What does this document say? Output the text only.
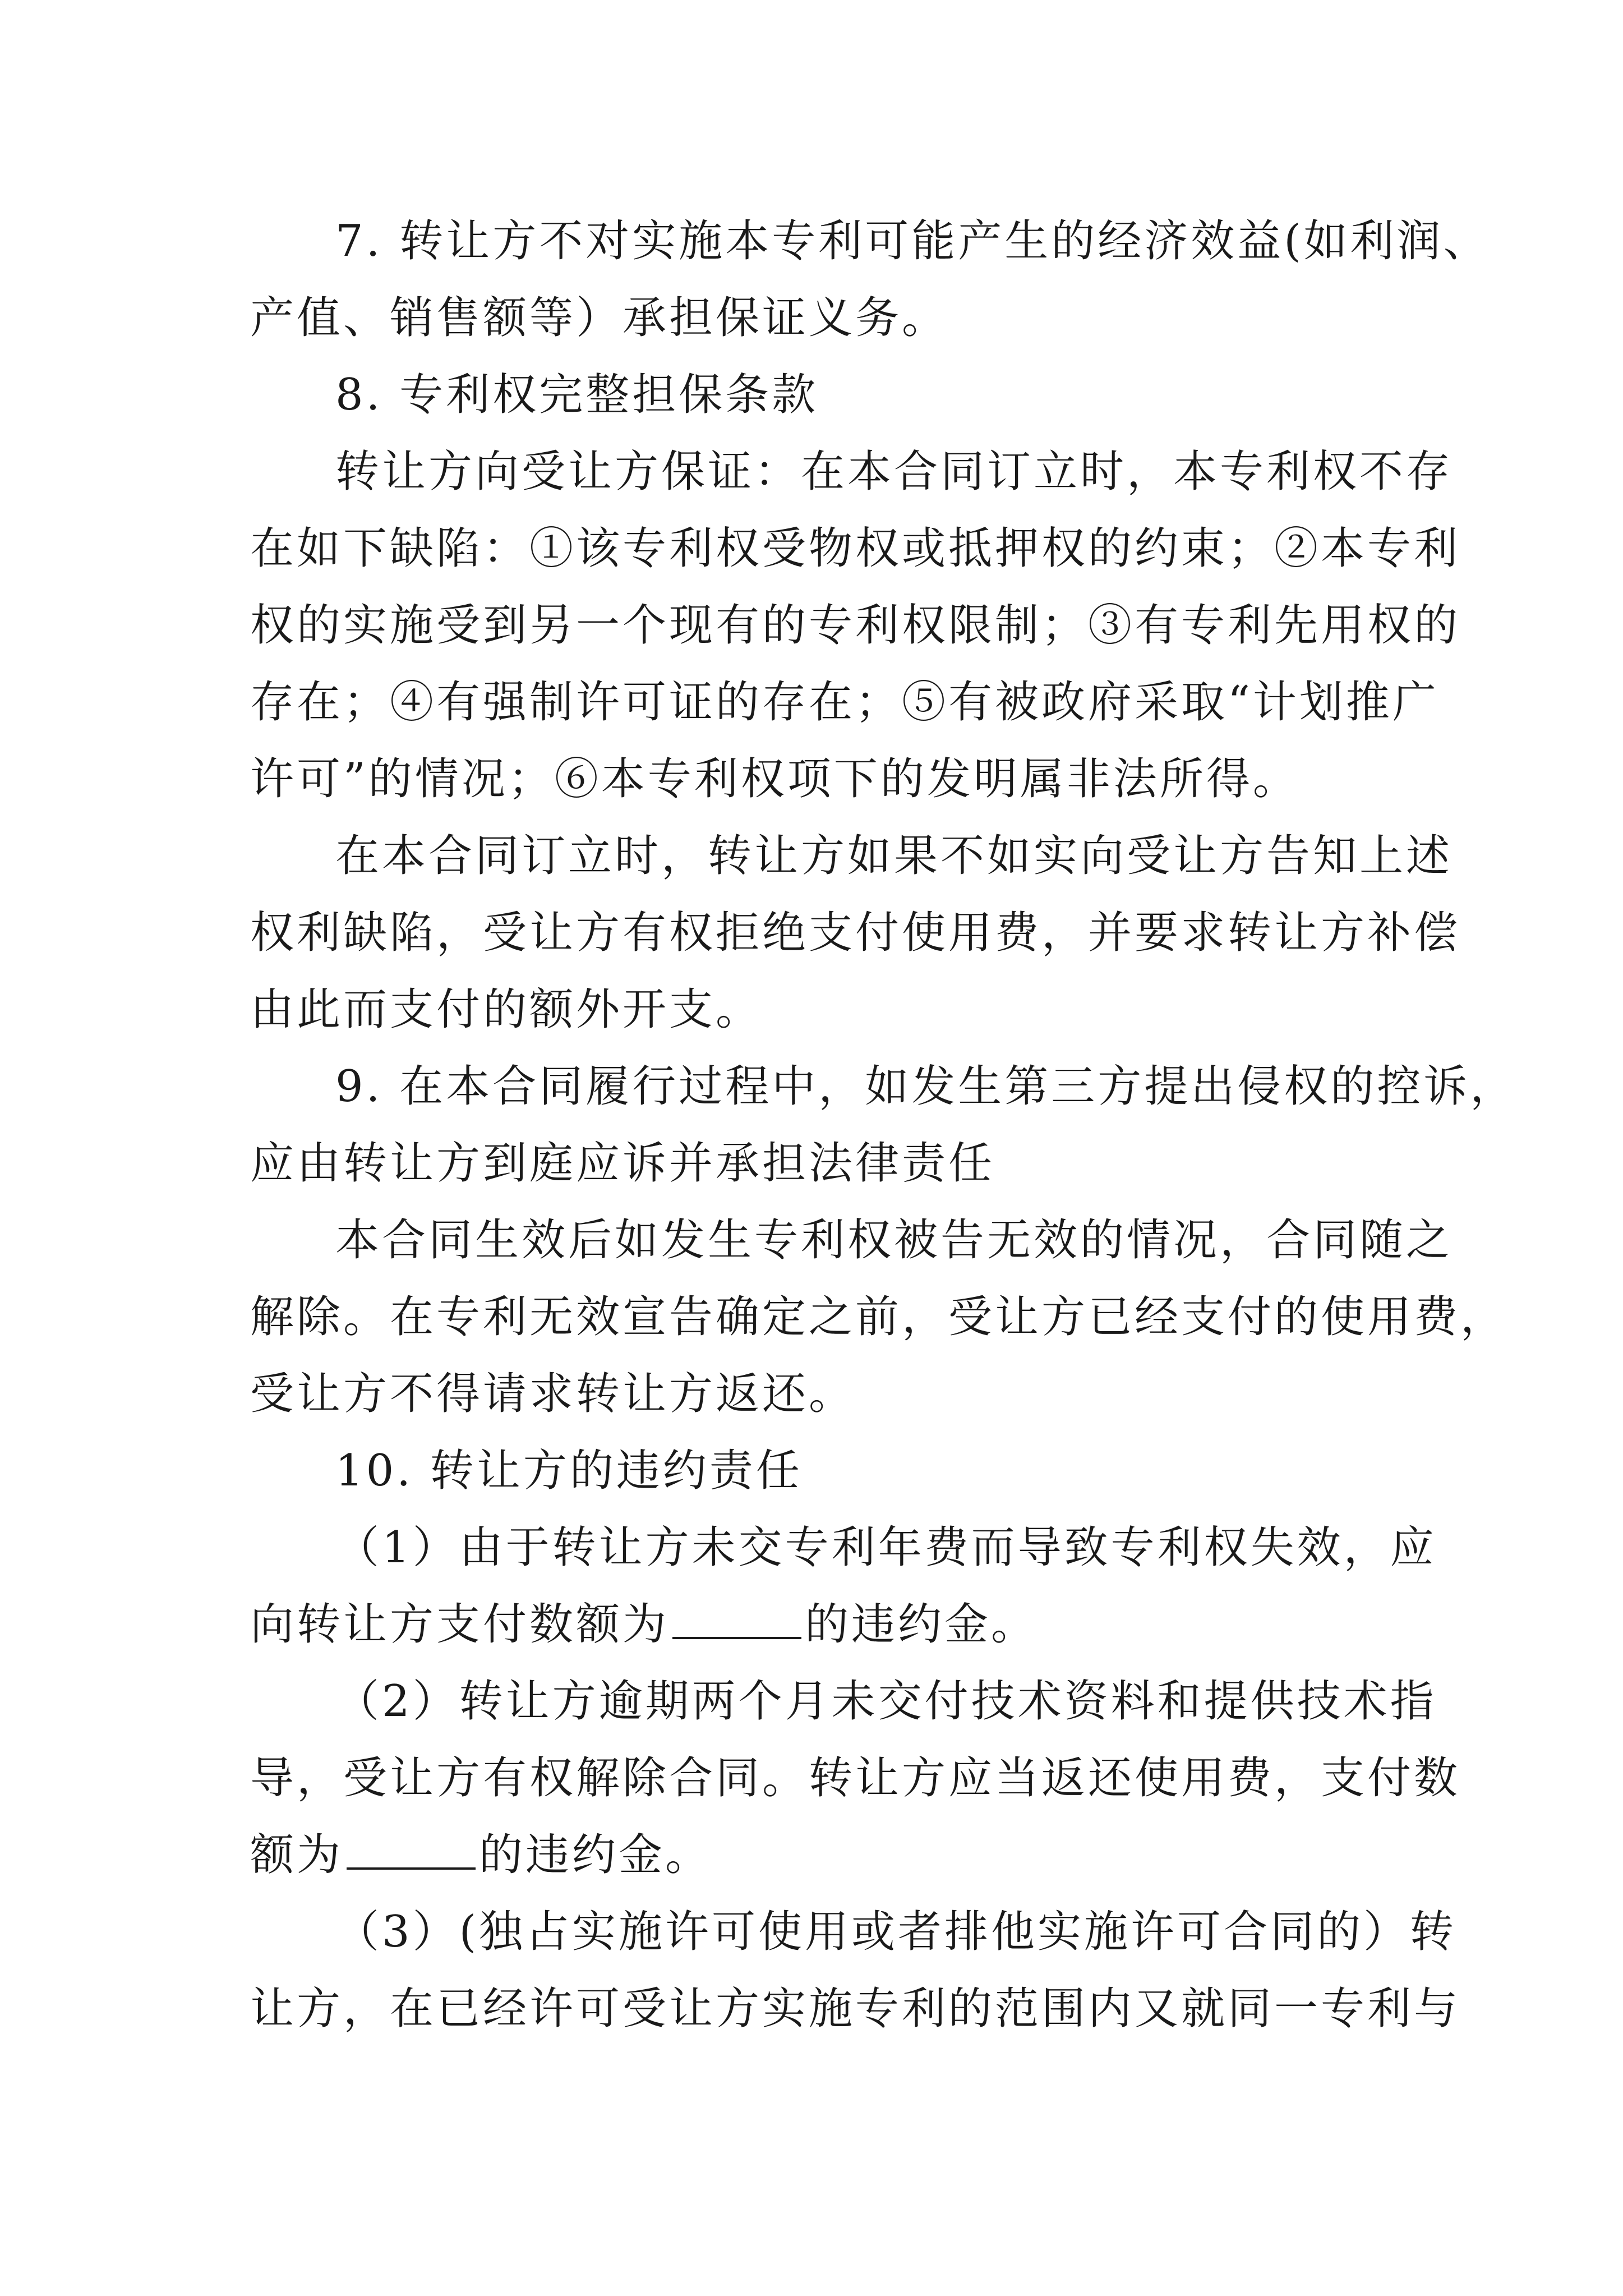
7. 转让方不对实施本专利可能产生的经济效益(如利润、

产值、销售额等）承担保证义务。

8. 专利权完整担保条款

转让方向受让方保证：在本合同订立时，本专利权不存

在如下缺陷：①该专利权受物权或抵押权的约束；②本专利

权的实施受到另一个现有的专利权限制；③有专利先用权的

存在；④有强制许可证的存在；⑤有被政府采取“计划推广

许可”的情况；⑥本专利权项下的发明属非法所得。

在本合同订立时，转让方如果不如实向受让方告知上述

权利缺陷，受让方有权拒绝支付使用费，并要求转让方补偿

由此而支付的额外开支。

9. 在本合同履行过程中，如发生第三方提出侵权的控诉，

应由转让方到庭应诉并承担法律责任

本合同生效后如发生专利权被告无效的情况，合同随之

解除。在专利无效宣告确定之前，受让方已经支付的使用费，

受让方不得请求转让方返还。

10. 转让方的违约责任

（1）由于转让方未交专利年费而导致专利权失效，应

向转让方支付数额为	的违约金。

（2）转让方逾期两个月未交付技术资料和提供技术指

导，受让方有权解除合同。转让方应当返还使用费，支付数

额为	的违约金。

（3）(独占实施许可使用或者排他实施许可合同的）转

让方，在已经许可受让方实施专利的范围内又就同一专利与
